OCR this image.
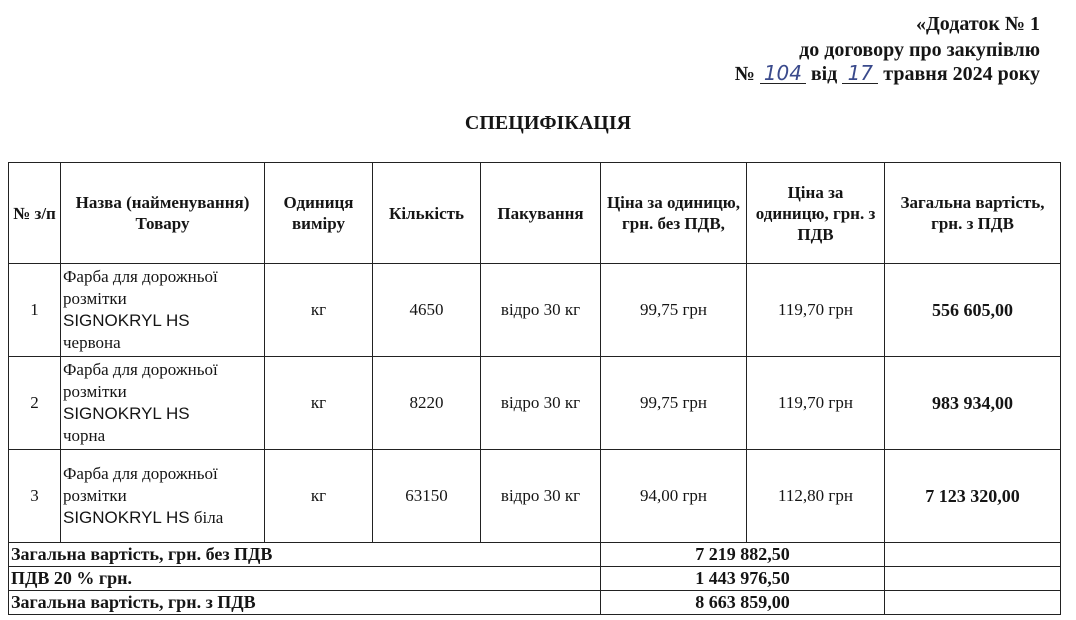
«Додаток № 1
до договору про закупівлю
№ 104 від 17 травня 2024 року
СПЕЦИФІКАЦІЯ
№ з/п	Назва (найменування) Товару	Одиниця виміру	Кількість	Пакування	Ціна за одиницю, грн. без ПДВ,	Ціна за одиницю, грн. з ПДВ	Загальна вартість, грн. з ПДВ
1	Фарба для дорожньої розмітки
SIGNOKRYL HS
червона	кг	4650	відро 30 кг	99,75 грн	119,70 грн	556 605,00
2	Фарба для дорожньої розмітки
SIGNOKRYL HS
чорна	кг	8220	відро 30 кг	99,75 грн	119,70 грн	983 934,00
3	Фарба для дорожньої розмітки
SIGNOKRYL HS біла	кг	63150	відро 30 кг	94,00 грн	112,80 грн	7 123 320,00
Загальна вартість, грн. без ПДВ					7 219 882,50		
ПДВ 20 % грн.					1 443 976,50		
Загальна вартість, грн. з ПДВ					8 663 859,00		
